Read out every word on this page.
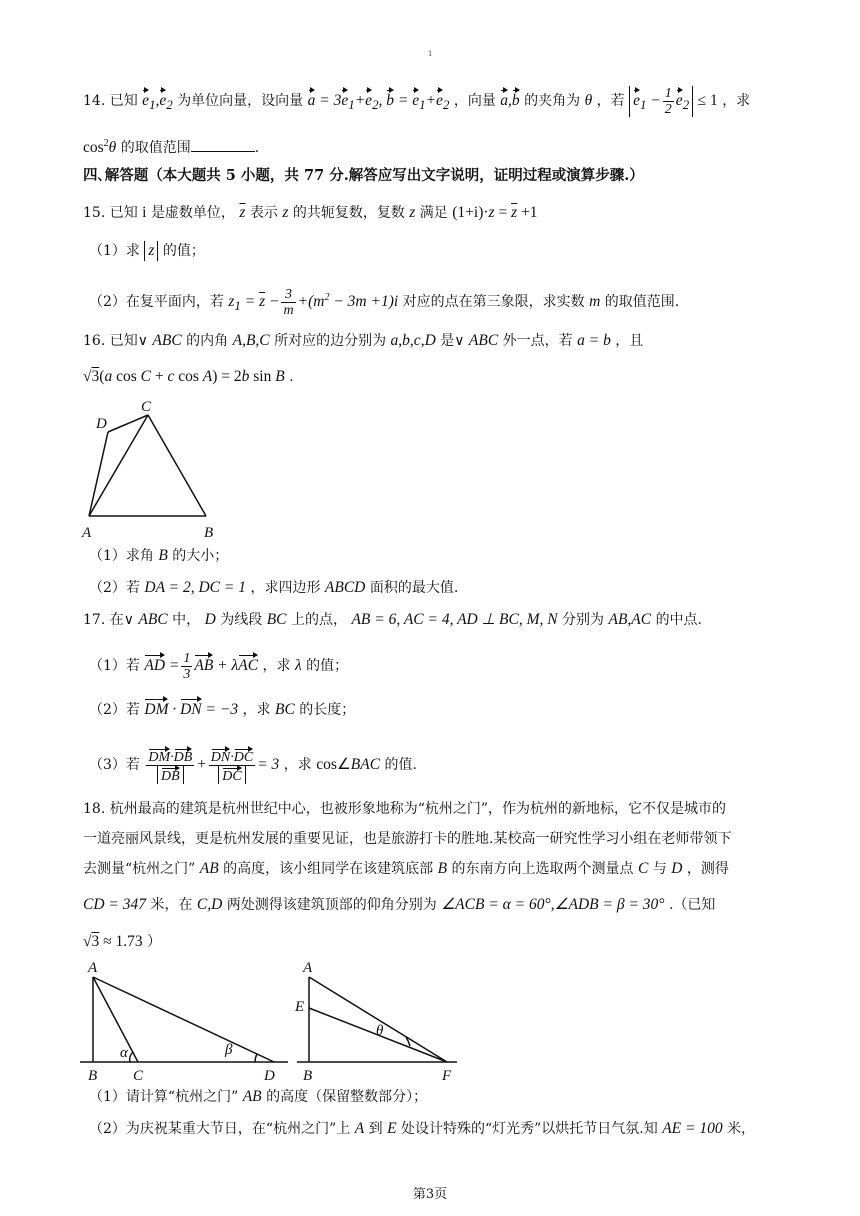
1
14. 已知 $e_1,e_2$ 为单位向量，设向量 $a = 3e_1+e_2$, $b = e_1+e_2$ ，向量 a,b 的夹角为 θ ，若 $e_1 - \frac{1}{2} e_2 \le 1$ ，求
$\cos^2\theta$ 的取值范围	.
四､解答题（本大题共 5 小题，共 77 分.解答应写出文字说明，证明过程或演算步骤.）
15. 已知 i 是虚数单位， $\overline{z}$ 表示 z 的共轭复数，复数 z 满足 $(1+i)\cdot z = \overline{z} +1$
（1）求 z 的值；
（2）在复平面内，若 $z_1 = \overline{z} - \frac{3}{m} +(m^2 - 3m +1)i$ 对应的点在第三象限，求实数 m 的取值范围.
16. 已知∨ ABC 的内角 A,B,C 所对应的边分别为 a,b,c,D 是∨ ABC 外一点，若 a = b ，且
√3(a cos C + c cos A) = 2b sin B .
A	B
C
D
（1）求角 B 的大小；
（2）若 DA = 2, DC = 1 ，求四边形 ABCD 面积的最大值.
17. 在∨ ABC 中， D 为线段 BC 上的点， AB = 6, AC = 4, AD ⊥ BC, M, N 分别为 AB,AC 的中点.
（1）若 AD = $\frac{1}{3}$ AB + λAC ，求 λ 的值；
（2）若 DM · DN = −3 ，求 BC 的长度；
（3）若 $\frac{DM\cdot DB}{DB} + \frac{DN\cdot DC}{DC} = 3$ ，求 cos∠BAC 的值.
18. 杭州最高的建筑是杭州世纪中心，也被形象地称为“杭州之门”，作为杭州的新地标，它不仅是城市的
一道亮丽风景线，更是杭州发展的重要见证，也是旅游打卡的胜地.某校高一研究性学习小组在老师带领下
去测量“杭州之门” AB 的高度，该小组同学在该建筑底部 B 的东南方向上选取两个测量点 C 与 D ，测得
CD = 347 米，在 C,D 两处测得该建筑顶部的仰角分别为 ∠ACB = α = 60°,∠ADB = β = 30° .（已知
√3 ≈ 1.73 ）
A
B C	D
α	β
A
E
B	F
θ
（1）请计算“杭州之门” AB 的高度（保留整数部分）；
（2）为庆祝某重大节日，在“杭州之门”上 A 到 E 处设计特殊的“灯光秀”以烘托节日气氛.知 AE = 100 米，
第3页
